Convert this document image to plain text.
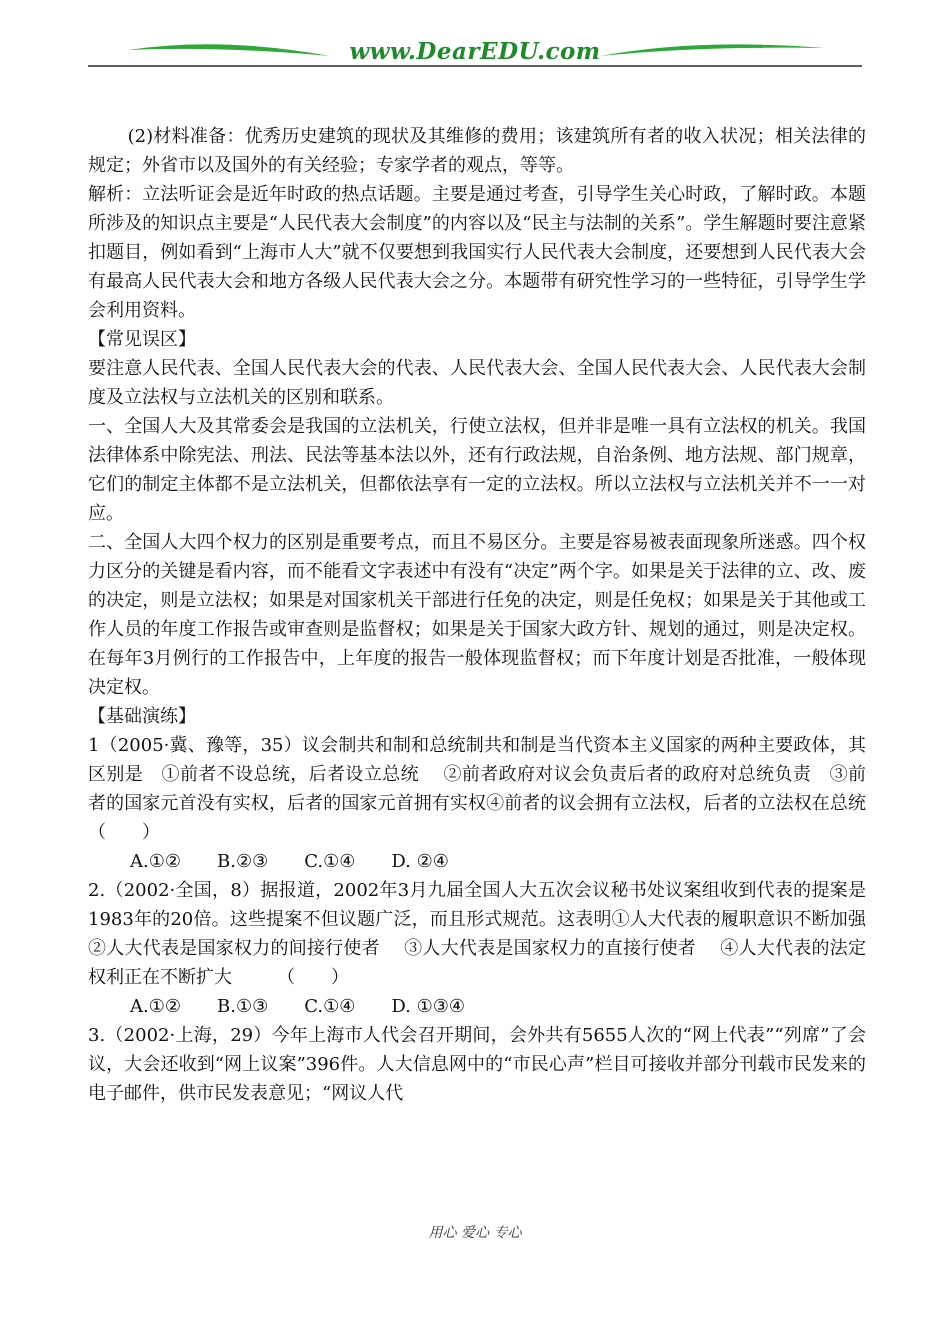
www.DearEDU.com

(2)材料准备：优秀历史建筑的现状及其维修的费用；该建筑所有者的收入状况；相关法律的规定；外省市以及国外的有关经验；专家学者的观点，等等。

解析：立法听证会是近年时政的热点话题。主要是通过考查，引导学生关心时政，了解时政。本题所涉及的知识点主要是“人民代表大会制度”的内容以及“民主与法制的关系”。学生解题时要注意紧扣题目，例如看到“上海市人大”就不仅要想到我国实行人民代表大会制度，还要想到人民代表大会有最高人民代表大会和地方各级人民代表大会之分。本题带有研究性学习的一些特征，引导学生学会利用资料。

【常见误区】

要注意人民代表、全国人民代表大会的代表、人民代表大会、全国人民代表大会、人民代表大会制度及立法权与立法机关的区别和联系。

一、全国人大及其常委会是我国的立法机关，行使立法权，但并非是唯一具有立法权的机关。我国法律体系中除宪法、刑法、民法等基本法以外，还有行政法规，自治条例、地方法规、部门规章，它们的制定主体都不是立法机关，但都依法享有一定的立法权。所以立法权与立法机关并不一一对应。

二、全国人大四个权力的区别是重要考点，而且不易区分。主要是容易被表面现象所迷惑。四个权力区分的关键是看内容，而不能看文字表述中有没有“决定”两个字。如果是关于法律的立、改、废的决定，则是立法权；如果是对国家机关干部进行任免的决定，则是任免权；如果是关于其他或工作人员的年度工作报告或审查则是监督权；如果是关于国家大政方针、规划的通过，则是决定权。在每年3月例行的工作报告中，上年度的报告一般体现监督权；而下年度计划是否批准，一般体现决定权。

【基础演练】

1（2005·冀、豫等，35）议会制共和制和总统制共和制是当代资本主义国家的两种主要政体，其区别是　①前者不设总统，后者设立总统　 ②前者政府对议会负责后者的政府对总统负责　③前者的国家元首没有实权，后者的国家元首拥有实权④前者的议会拥有立法权，后者的立法权在总统　　　　（　　）

A.①②　　B.②③　　C.①④　　D. ②④

2.（2002·全国，8）据报道，2002年3月九届全国人大五次会议秘书处议案组收到代表的提案是1983年的20倍。这些提案不但议题广泛，而且形式规范。这表明①人大代表的履职意识不断加强　 ②人大代表是国家权力的间接行使者　 ③人大代表是国家权力的直接行使者　 ④人大代表的法定权利正在不断扩大　　　（　　）

A.①②　　B.①③　　C.①④　　D. ①③④

3.（2002·上海，29）今年上海市人代会召开期间，会外共有5655人次的“网上代表”“列席”了会议，大会还收到“网上议案”396件。人大信息网中的“市民心声”栏目可接收并部分刊载市民发来的电子邮件，供市民发表意见；“网议人代

用心 爱心 专心
